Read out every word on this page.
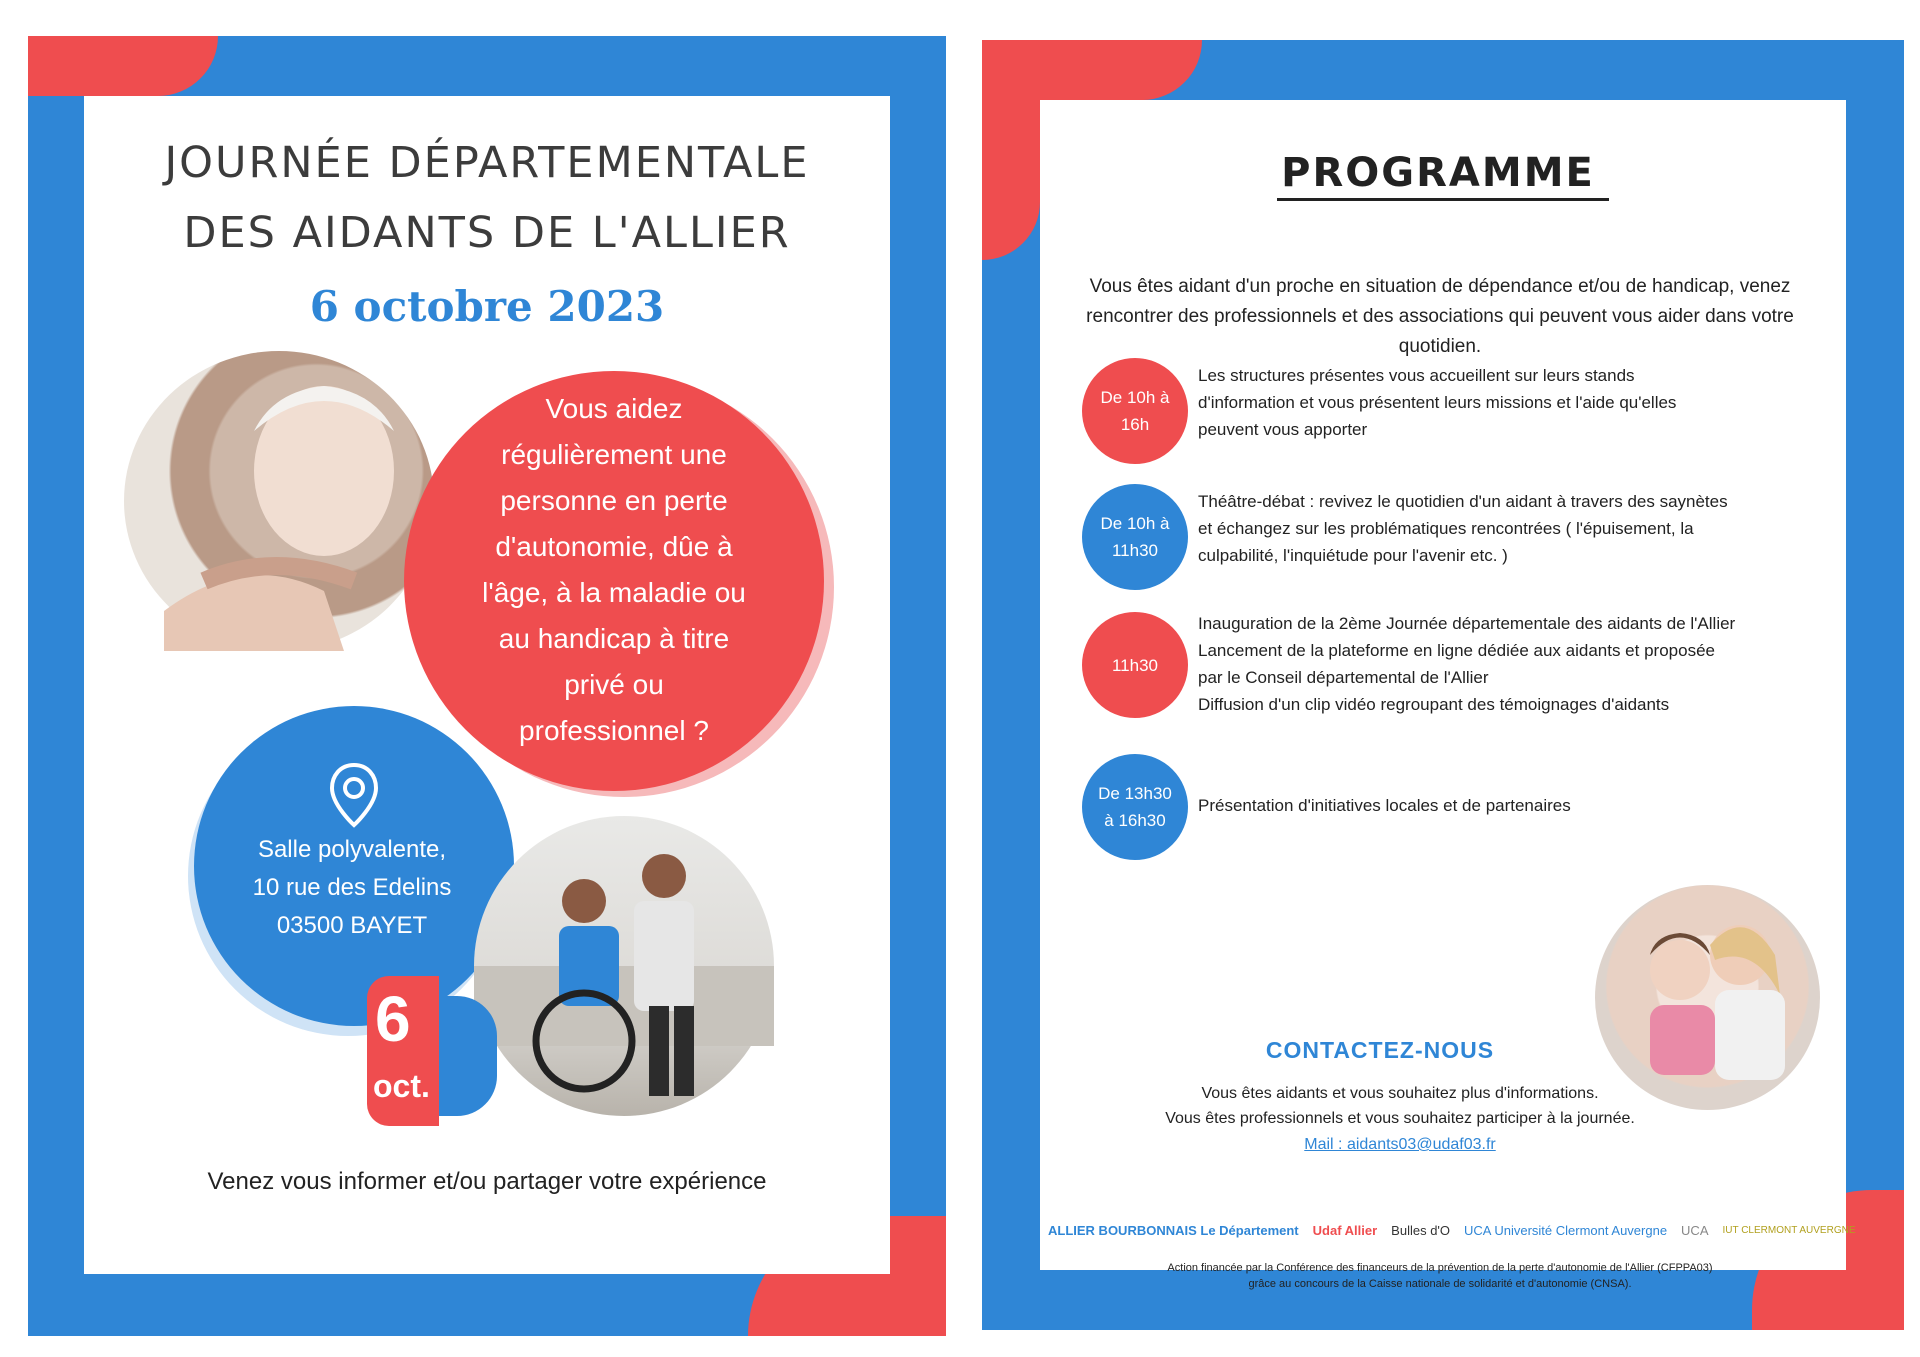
JOURNÉE DÉPARTEMENTALE
DES AIDANTS DE L'ALLIER
6 octobre 2023
Vous aidez
régulièrement une
personne en perte
d'autonomie, dûe à
l'âge, à la maladie ou
au handicap à titre
privé ou
professionnel ?
Salle polyvalente,
10 rue des Edelins
03500 BAYET
6
oct.
Venez vous informer et/ou partager votre expérience
PROGRAMME
Vous êtes aidant d'un proche en situation de dépendance et/ou de handicap, venez rencontrer des professionnels et des associations qui peuvent vous aider dans votre quotidien.
De 10h à 16h
Les structures présentes vous accueillent sur leurs stands
d'information et vous présentent leurs missions et l'aide qu'elles
peuvent vous apporter
De 10h à 11h30
Théâtre-débat : revivez le quotidien d'un aidant à travers des saynètes
et échangez sur les problématiques rencontrées ( l'épuisement, la
culpabilité, l'inquiétude pour l'avenir etc. )
11h30
Inauguration de la 2ème Journée départementale des aidants de l'Allier
Lancement de la plateforme en ligne dédiée aux aidants et proposée
par le Conseil départemental de l'Allier
Diffusion d'un clip vidéo regroupant des témoignages d'aidants
De 13h30 à 16h30
Présentation d'initiatives locales et de partenaires
CONTACTEZ-NOUS
Vous êtes aidants et vous souhaitez plus d'informations.
Vous êtes professionnels et vous souhaitez participer à la journée.
Mail : aidants03@udaf03.fr
ALLIER BOURBONNAIS Le Département Udaf Allier Bulles d'O UCA Université Clermont Auvergne UCA IUT CLERMONT AUVERGNE
Action financée par la Conférence des financeurs de la prévention de la perte d'autonomie de l'Allier (CFPPA03)
grâce au concours de la Caisse nationale de solidarité et d'autonomie (CNSA).
